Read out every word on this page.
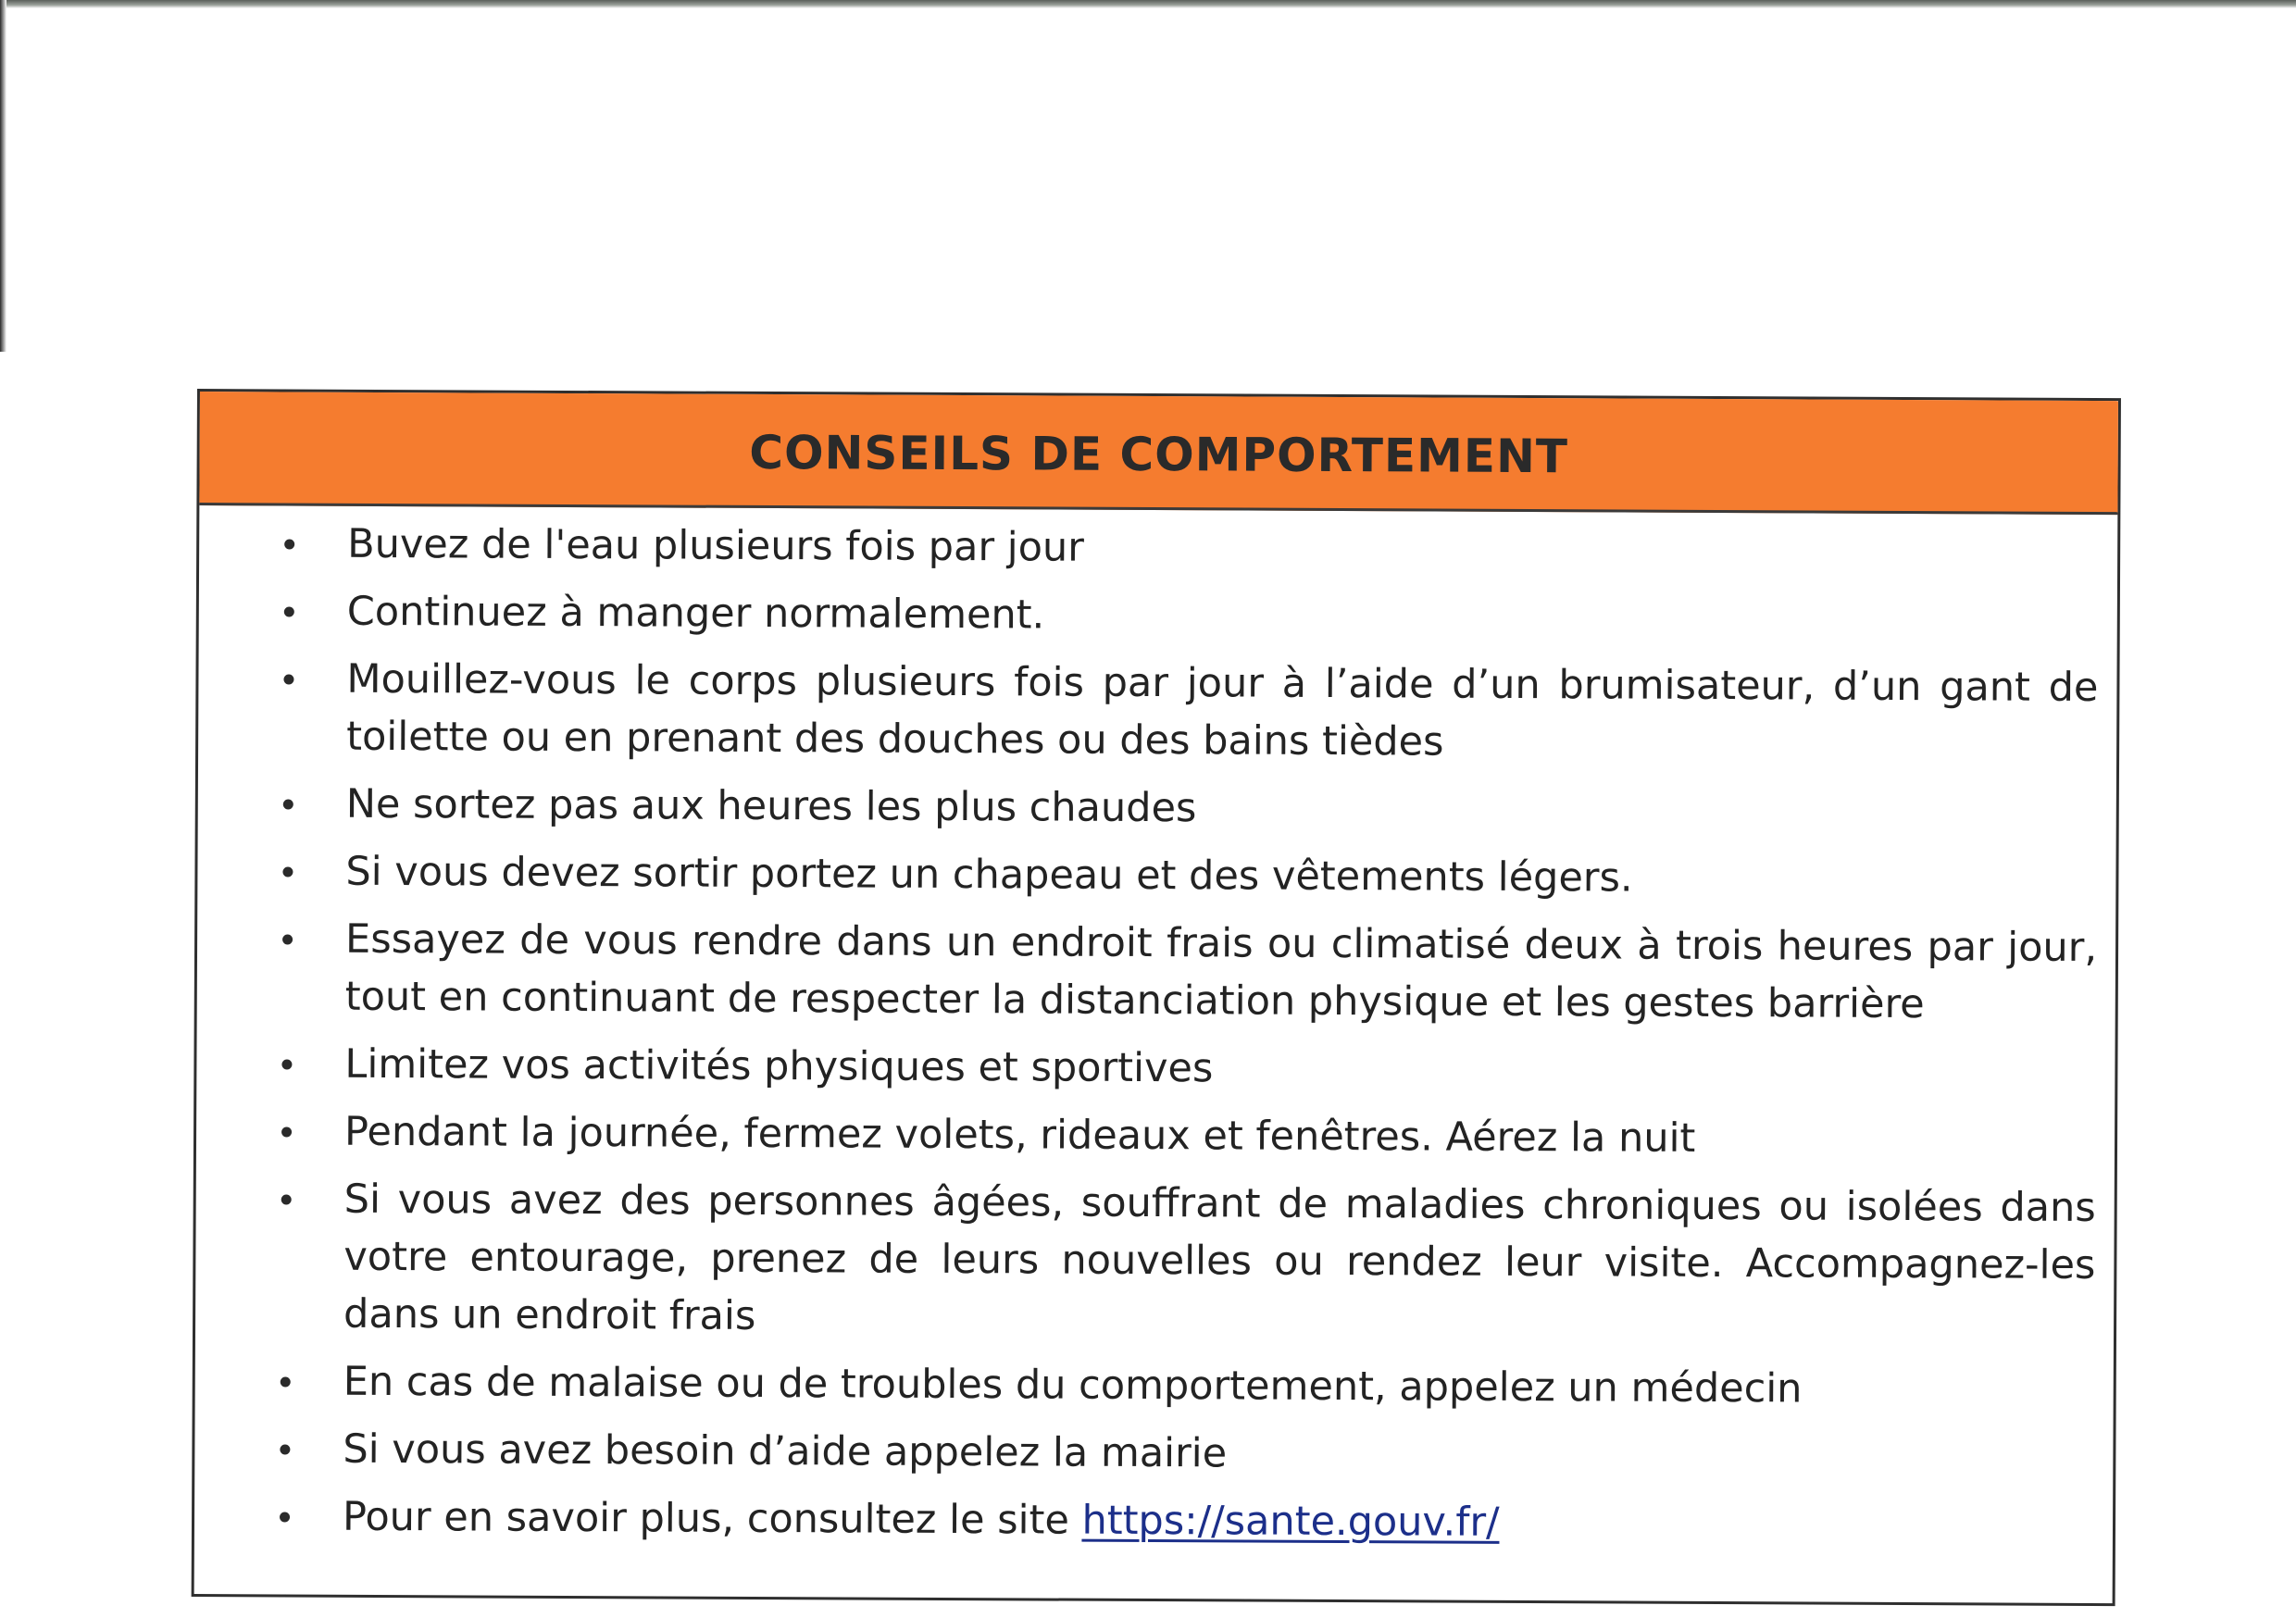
CONSEILS DE COMPORTEMENT
Buvez de l'eau plusieurs fois par jour
Continuez à manger normalement.
Mouillez-vous le corps plusieurs fois par jour à l’aide d’un brumisateur, d’un gant de toilette ou en prenant des douches ou des bains tièdes
Ne sortez pas aux heures les plus chaudes
Si vous devez sortir portez un chapeau et des vêtements légers.
Essayez de vous rendre dans un endroit frais ou climatisé deux à trois heures par jour, tout en continuant de respecter la distanciation physique et les gestes barrière
Limitez vos activités physiques et sportives
Pendant la journée, fermez volets, rideaux et fenêtres. Aérez la nuit
Si vous avez des personnes âgées, souffrant de maladies chroniques ou isolées dans votre entourage, prenez de leurs nouvelles ou rendez leur visite. Accompagnez-les dans un endroit frais
En cas de malaise ou de troubles du comportement, appelez un médecin
Si vous avez besoin d’aide appelez la mairie
Pour en savoir plus, consultez le site https://sante.gouv.fr/
